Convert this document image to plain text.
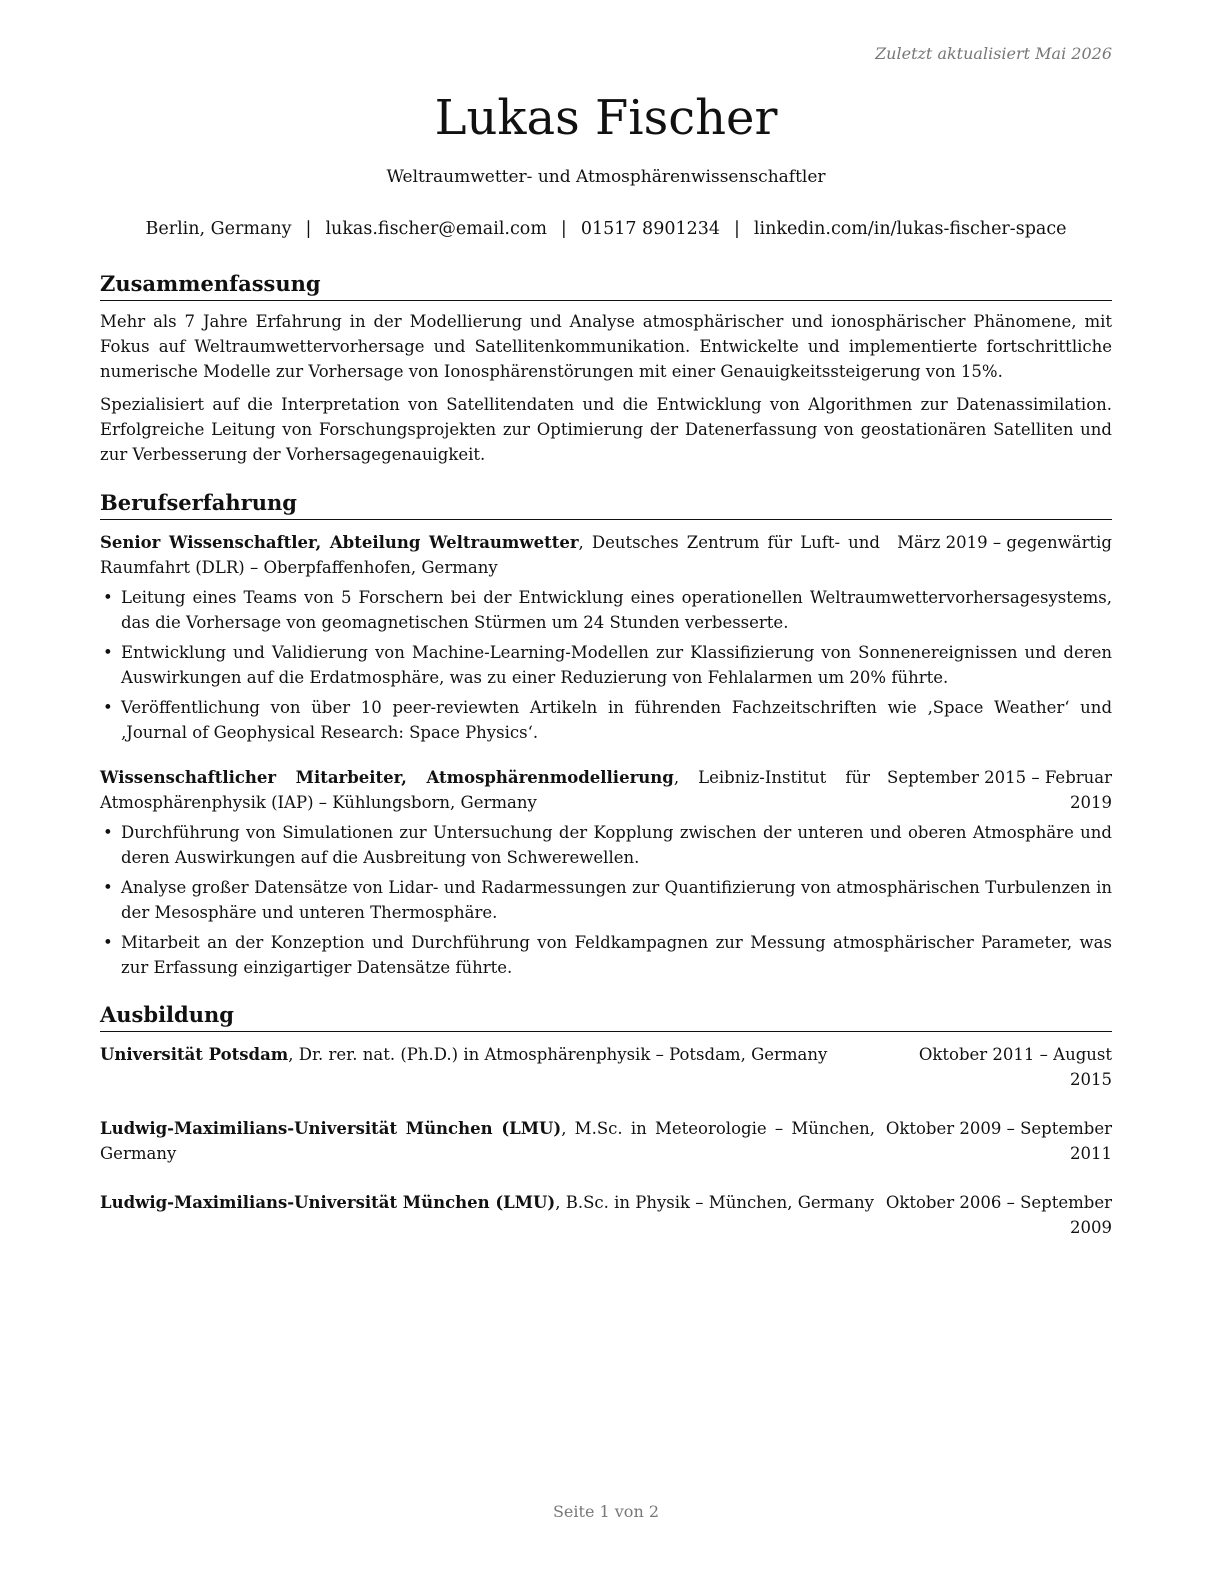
Zuletzt aktualisiert Mai 2026
Lukas Fischer
Weltraumwetter- und Atmosphärenwissenschaftler
Berlin, Germany | lukas.fischer@email.com | 01517 8901234 | linkedin.com/in/lukas-fischer-space
Zusammenfassung

Mehr als 7 Jahre Erfahrung in der Modellierung und Analyse atmosphärischer und ionosphärischer Phänomene, mit Fokus auf Weltraumwettervorhersage und Satellitenkommunikation. Entwickelte und implementierte fortschrittliche numerische Modelle zur Vorhersage von Ionosphärenstörungen mit einer Genauigkeitssteigerung von 15%.

Spezialisiert auf die Interpretation von Satellitendaten und die Entwicklung von Algorithmen zur Datenassimilation. Erfolgreiche Leitung von Forschungsprojekten zur Optimierung der Datenerfassung von geostationären Satelliten und zur Verbesserung der Vorhersagegenauigkeit.

Berufserfahrung
Senior Wissenschaftler, Abteilung Weltraumwetter, Deutsches Zentrum für Luft- und Raumfahrt (DLR) – Oberpfaffenhofen, Germany
März 2019 – gegenwärtig
• Leitung eines Teams von 5 Forschern bei der Entwicklung eines operationellen Weltraumwettervorhersagesystems, das die Vorhersage von geomagnetischen Stürmen um 24 Stunden verbesserte.
• Entwicklung und Validierung von Machine-Learning-Modellen zur Klassifizierung von Sonnenereignissen und deren Auswirkungen auf die Erdatmosphäre, was zu einer Reduzierung von Fehlalarmen um 20% führte.
• Veröffentlichung von über 10 peer-reviewten Artikeln in führenden Fachzeitschriften wie ‚Space Weather‘ und ‚Journal of Geophysical Research: Space Physics‘.
Wissenschaftlicher Mitarbeiter, Atmosphärenmodellierung, Leibniz-Institut für Atmosphärenphysik (IAP) – Kühlungsborn, Germany
September 2015 – Februar 2019
• Durchführung von Simulationen zur Untersuchung der Kopplung zwischen der unteren und oberen Atmosphäre und deren Auswirkungen auf die Ausbreitung von Schwerewellen.
• Analyse großer Datensätze von Lidar- und Radarmessungen zur Quantifizierung von atmosphärischen Turbulenzen in der Mesosphäre und unteren Thermosphäre.
• Mitarbeit an der Konzeption und Durchführung von Feldkampagnen zur Messung atmosphärischer Parameter, was zur Erfassung einzigartiger Datensätze führte.
Ausbildung
Universität Potsdam, Dr. rer. nat. (Ph.D.) in Atmosphärenphysik – Potsdam, Germany	Oktober 2011 – August 2015
Ludwig-Maximilians-Universität München (LMU), M.Sc. in Meteorologie – München, Germany
Oktober 2009 – September 2011
Ludwig-Maximilians-Universität München (LMU), B.Sc. in Physik – München, Germany Oktober 2006 – September 2009
Seite 1 von 2
